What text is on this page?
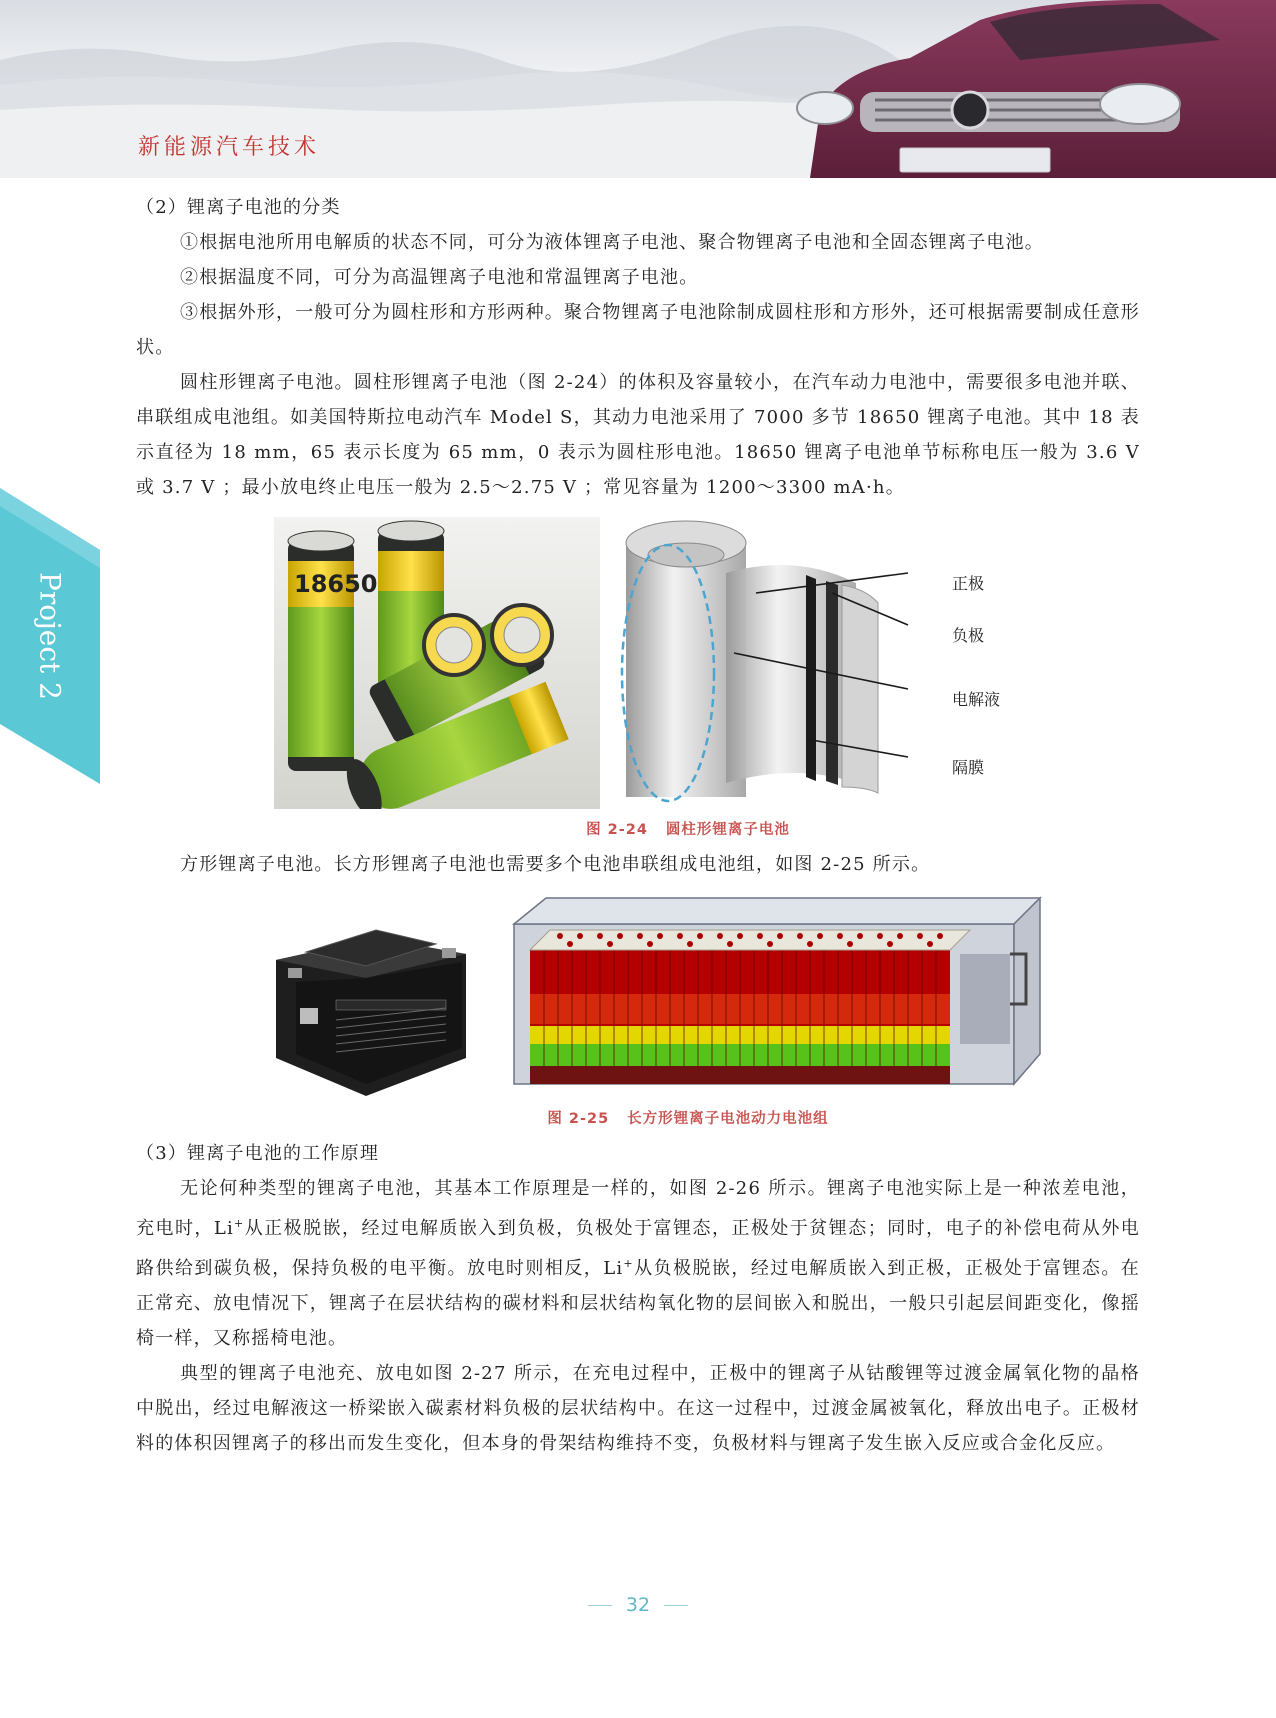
新能源汽车技术
Project 2

（2）锂离子电池的分类

①根据电池所用电解质的状态不同，可分为液体锂离子电池、聚合物锂离子电池和全固态锂离子电池。

②根据温度不同，可分为高温锂离子电池和常温锂离子电池。

③根据外形，一般可分为圆柱形和方形两种。聚合物锂离子电池除制成圆柱形和方形外，还可根据需要制成任意形状。

圆柱形锂离子电池。圆柱形锂离子电池（图 2-24）的体积及容量较小，在汽车动力电池中，需要很多电池并联、串联组成电池组。如美国特斯拉电动汽车 Model S，其动力电池采用了 7000 多节 18650 锂离子电池。其中 18 表示直径为 18 mm，65 表示长度为 65 mm，0 表示为圆柱形电池。18650 锂离子电池单节标称电压一般为 3.6 V 或 3.7 V ；最小放电终止电压一般为 2.5～2.75 V ；常见容量为 1200～3300 mA·h。

18650	正极
负极
电解液
隔膜
图 2-24 圆柱形锂离子电池

方形锂离子电池。长方形锂离子电池也需要多个电池串联组成电池组，如图 2-25 所示。

图 2-25 长方形锂离子电池动力电池组

（3）锂离子电池的工作原理

无论何种类型的锂离子电池，其基本工作原理是一样的，如图 2-26 所示。锂离子电池实际上是一种浓差电池，充电时，Li+从正极脱嵌，经过电解质嵌入到负极，负极处于富锂态，正极处于贫锂态；同时，电子的补偿电荷从外电路供给到碳负极，保持负极的电平衡。放电时则相反，Li+从负极脱嵌，经过电解质嵌入到正极，正极处于富锂态。在正常充、放电情况下，锂离子在层状结构的碳材料和层状结构氧化物的层间嵌入和脱出，一般只引起层间距变化，像摇椅一样，又称摇椅电池。

典型的锂离子电池充、放电如图 2-27 所示，在充电过程中，正极中的锂离子从钴酸锂等过渡金属氧化物的晶格中脱出，经过电解液这一桥梁嵌入碳素材料负极的层状结构中。在这一过程中，过渡金属被氧化，释放出电子。正极材料的体积因锂离子的移出而发生变化，但本身的骨架结构维持不变，负极材料与锂离子发生嵌入反应或合金化反应。

32
